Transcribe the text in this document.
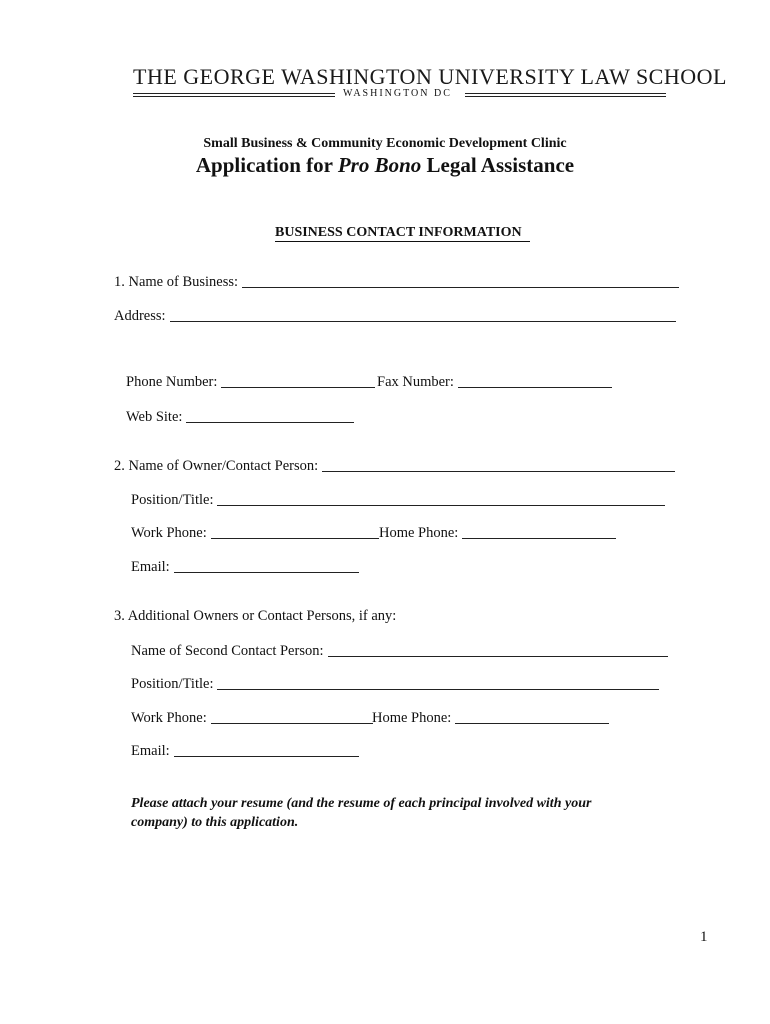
THE GEORGE WASHINGTON UNIVERSITY LAW SCHOOL
WASHINGTON DC
Small Business & Community Economic Development Clinic
Application for Pro Bono Legal Assistance
BUSINESS CONTACT INFORMATION
1. Name of Business:
Address:
Phone Number:	Fax Number:
Web Site:
2. Name of Owner/Contact Person:
Position/Title:
Work Phone:	Home Phone:
Email:
3. Additional Owners or Contact Persons, if any:
Name of Second Contact Person:
Position/Title:
Work Phone:	Home Phone:
Email:
Please attach your resume (and the resume of each principal involved with your company) to this application.
1
